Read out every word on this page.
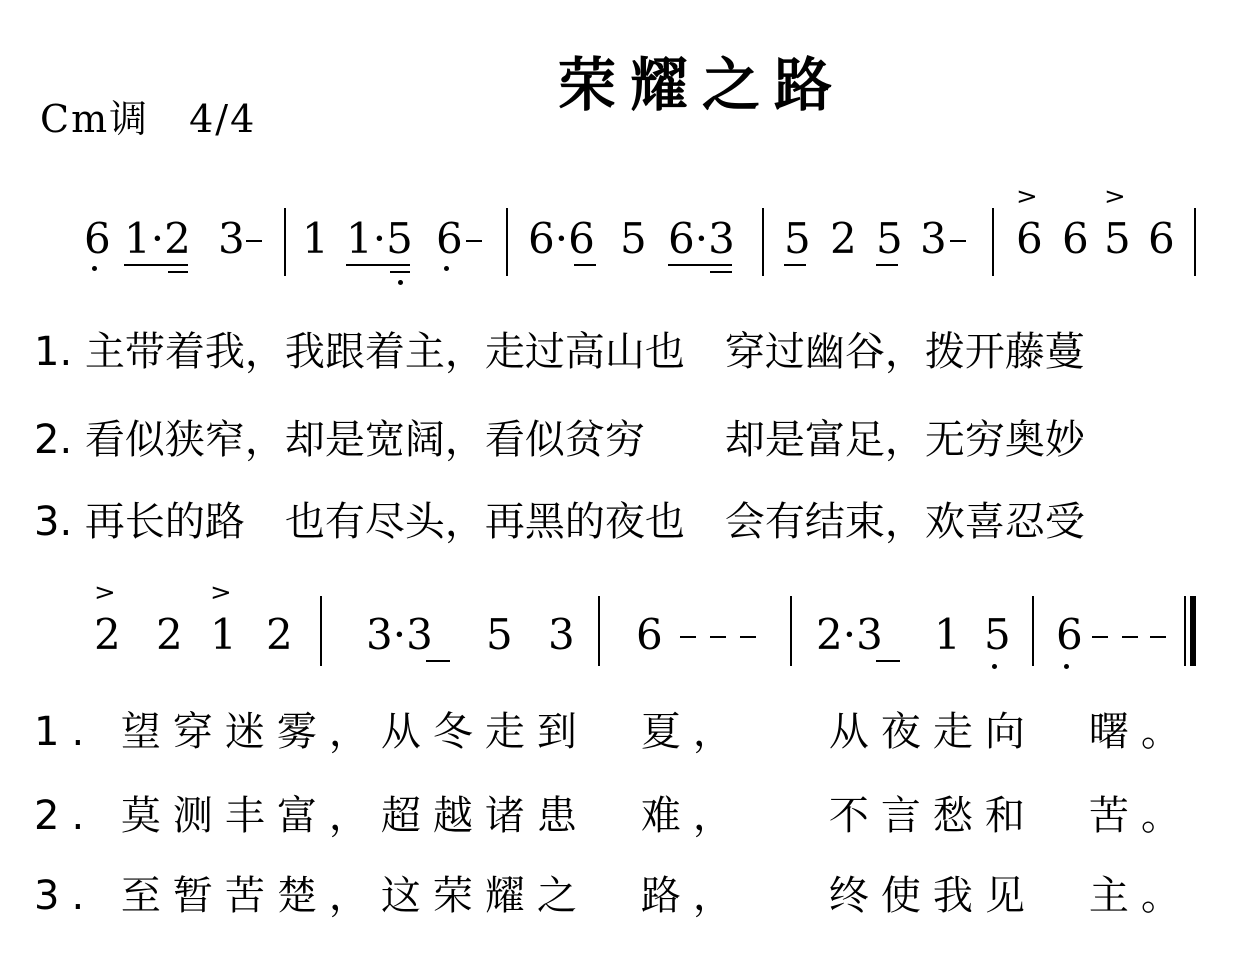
荣耀之路
Cm调　4/4
6 1·2 3 1 1·5 6 6·6 5 6·3 5 2 5 3
>
6 6
>
5 6
1. 主带着我，我跟着主，走过高山也　穿过幽谷，拨开藤蔓
2. 看似狭窄，却是宽阔，看似贫穷　　却是富足，无穷奥妙
3. 再长的路　也有尽头，再黑的夜也　会有结束，欢喜忍受
>
2 2
>
1 2 3·3 5 3 6	2·3 1 5 6
1. 望穿迷雾，从冬走到　夏，　　从夜走向　曙。
2. 莫测丰富，超越诸患　难，　　不言愁和　苦。
3. 至暂苦楚，这荣耀之　路，　　终使我见　主。
